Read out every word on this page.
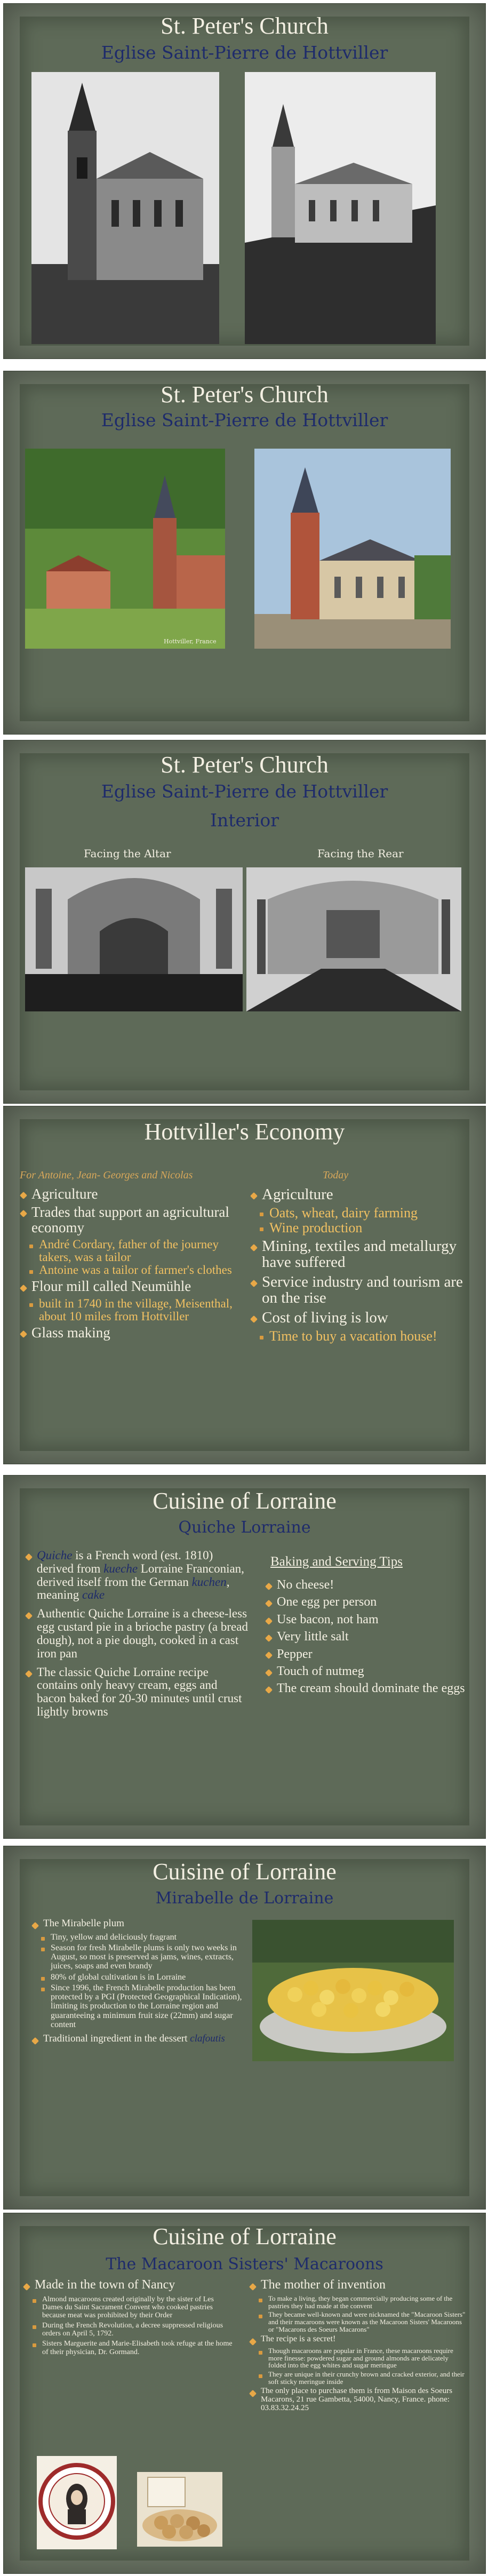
St. Peter's Church
Eglise Saint-Pierre de Hottviller
St. Peter's Church
Eglise Saint-Pierre de Hottviller
Hottviller, France
St. Peter's Church
Eglise Saint-Pierre de Hottviller
Interior
Facing the Altar	Facing the Rear
Hottviller's Economy
For Antoine, Jean- Georges and Nicolas	Today
Agriculture
Trades that support an agricultural economy
André Cordary, father of the journey takers, was a tailor
Antoine was a tailor of farmer's clothes
Flour mill called Neumühle
built in 1740 in the village, Meisenthal, about 10 miles from Hottviller
Glass making
Agriculture
Oats, wheat, dairy farming
Wine production
Mining, textiles and metallurgy have suffered
Service industry and tourism are on the rise
Cost of living is low
Time to buy a vacation house!
Cuisine of Lorraine
Quiche Lorraine
Quiche is a French word (est. 1810) derived from kueche Lorraine Franconian, derived itself from the German kuchen, meaning cake
Authentic Quiche Lorraine is a cheese-less egg custard pie in a brioche pastry (a bread dough), not a pie dough, cooked in a cast iron pan
The classic Quiche Lorraine recipe contains only heavy cream, eggs and bacon baked for 20-30 minutes until crust lightly browns
Baking and Serving Tips
No cheese!
One egg per person
Use bacon, not ham
Very little salt
Pepper
Touch of nutmeg
The cream should dominate the eggs
Cuisine of Lorraine
Mirabelle de Lorraine
The Mirabelle plum
Tiny, yellow and deliciously fragrant
Season for fresh Mirabelle plums is only two weeks in August, so most is preserved as jams, wines, extracts, juices, soaps and even brandy
80% of global cultivation is in Lorraine
Since 1996, the French Mirabelle production has been protected by a PGI (Protected Geographical Indication), limiting its production to the Lorraine region and guaranteeing a minimum fruit size (22mm) and sugar content
Traditional ingredient in the dessert clafoutis
Cuisine of Lorraine
The Macaroon Sisters' Macaroons
Made in the town of Nancy
Almond macaroons created originally by the sister of Les Dames du Saint Sacrament Convent who cooked pastries because meat was prohibited by their Order
During the French Revolution, a decree suppressed religious orders on April 5, 1792.
Sisters Marguerite and Marie-Elisabeth took refuge at the home of their physician, Dr. Gormand.
The mother of invention
To make a living, they began commercially producing some of the pastries they had made at the convent
They became well-known and were nicknamed the "Macaroon Sisters" and their macaroons were known as the Macaroon Sisters' Macaroons or "Macarons des Soeurs Macarons"
The recipe is a secret!
Though macaroons are popular in France, these macaroons require more finesse: powdered sugar and ground almonds are delicately folded into the egg whites and sugar meringue
They are unique in their crunchy brown and cracked exterior, and their soft sticky meringue inside
The only place to purchase them is from Maison des Soeurs Macarons, 21 rue Gambetta, 54000, Nancy, France. phone: 03.83.32.24.25
